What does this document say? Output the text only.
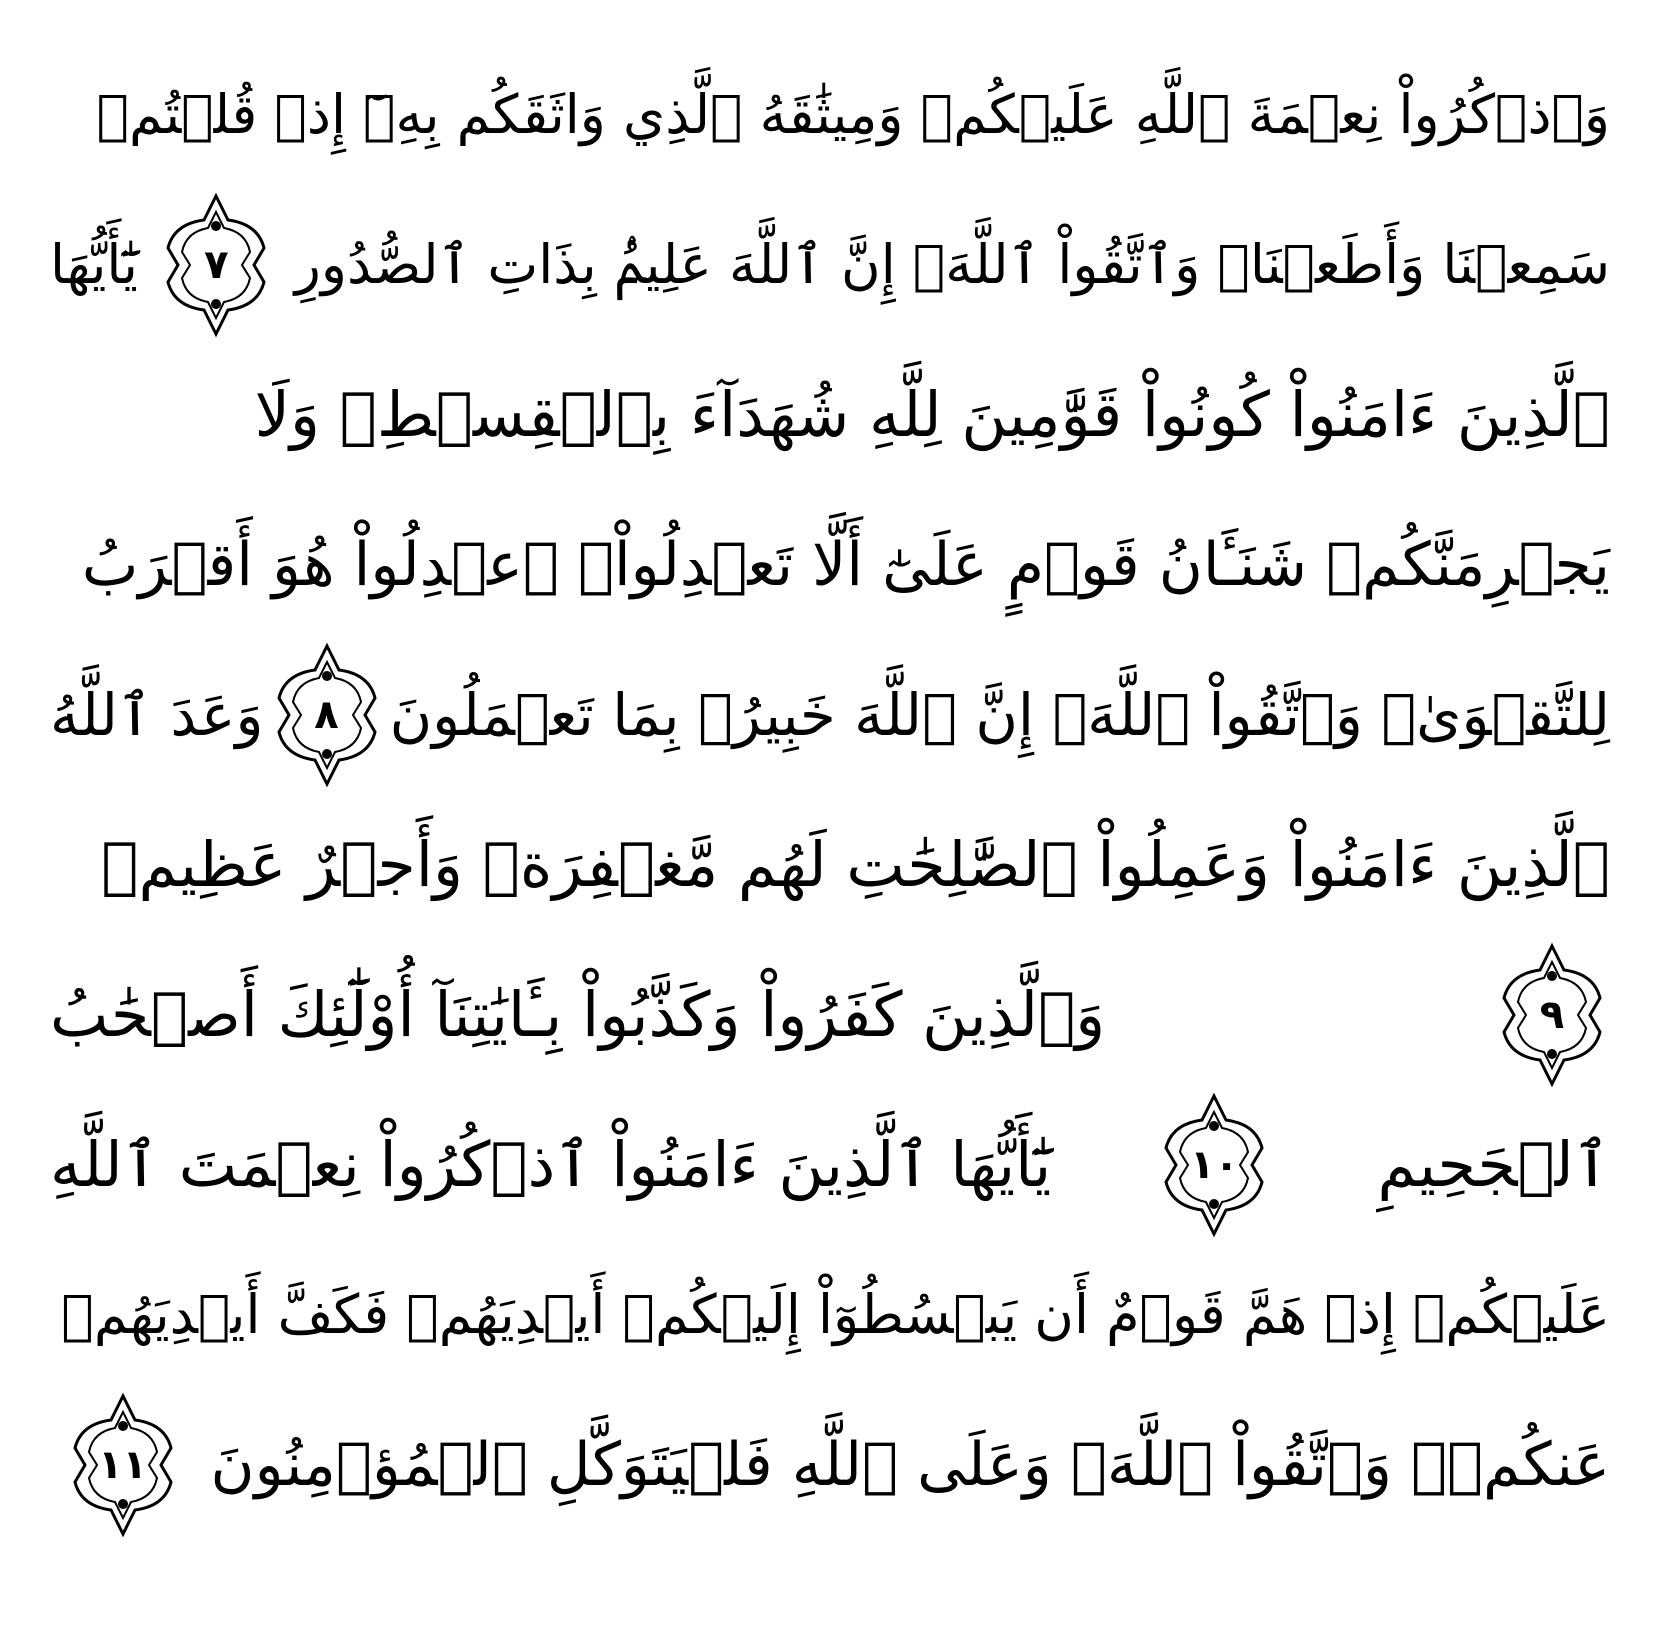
وَٱذۡكُرُواْ نِعۡمَةَ ٱللَّهِ عَلَيۡكُمۡ وَمِيثَٰقَهُ ٱلَّذِي وَاثَقَكُم بِهِۦٓ إِذۡ قُلۡتُمۡ
سَمِعۡنَا وَأَطَعۡنَاۖ وَٱتَّقُواْ ٱللَّهَۚ إِنَّ ٱللَّهَ عَلِيمُۢ بِذَاتِ ٱلصُّدُورِ
٧
يَٰٓأَيُّهَا
ٱلَّذِينَ ءَامَنُواْ كُونُواْ قَوَّٰمِينَ لِلَّهِ شُهَدَآءَ بِٱلۡقِسۡطِۖ وَلَا
يَجۡرِمَنَّكُمۡ شَنَـَٔانُ قَوۡمٍ عَلَىٰٓ أَلَّا تَعۡدِلُواْۚ ٱعۡدِلُواْ هُوَ أَقۡرَبُ
لِلتَّقۡوَىٰۖ وَٱتَّقُواْ ٱللَّهَۚ إِنَّ ٱللَّهَ خَبِيرُۢ بِمَا تَعۡمَلُونَ
٨
وَعَدَ ٱللَّهُ
ٱلَّذِينَ ءَامَنُواْ وَعَمِلُواْ ٱلصَّٰلِحَٰتِ لَهُم مَّغۡفِرَةٞ وَأَجۡرٌ عَظِيمٞ
٩
وَٱلَّذِينَ كَفَرُواْ وَكَذَّبُواْ بِـَٔايَٰتِنَآ أُوْلَٰٓئِكَ أَصۡحَٰبُ
ٱلۡجَحِيمِ
١٠
يَٰٓأَيُّهَا ٱلَّذِينَ ءَامَنُواْ ٱذۡكُرُواْ نِعۡمَتَ ٱللَّهِ
عَلَيۡكُمۡ إِذۡ هَمَّ قَوۡمٌ أَن يَبۡسُطُوٓاْ إِلَيۡكُمۡ أَيۡدِيَهُمۡ فَكَفَّ أَيۡدِيَهُمۡ
عَنكُمۡۖ وَٱتَّقُواْ ٱللَّهَۚ وَعَلَى ٱللَّهِ فَلۡيَتَوَكَّلِ ٱلۡمُؤۡمِنُونَ
١١
